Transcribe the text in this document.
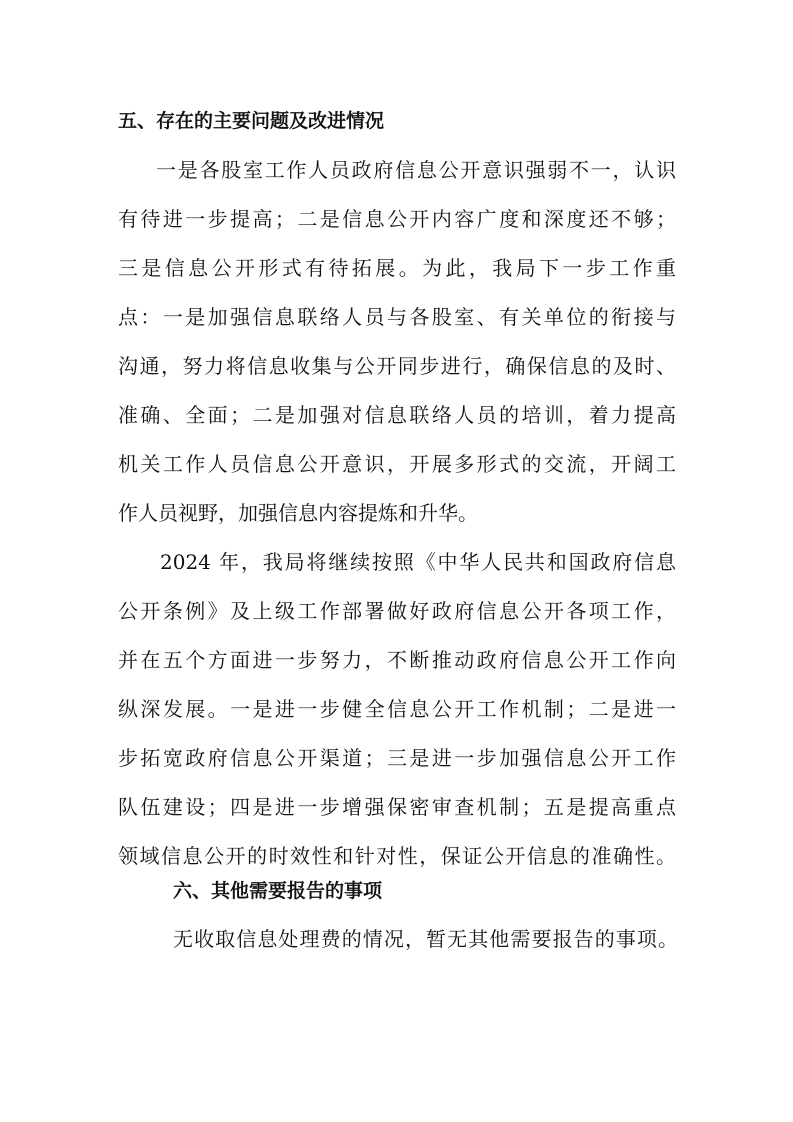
五、存在的主要问题及改进情况
一是各股室工作人员政府信息公开意识强弱不一，认识
有待进一步提高；二是信息公开内容广度和深度还不够；
三是信息公开形式有待拓展。为此，我局下一步工作重
点：一是加强信息联络人员与各股室、有关单位的衔接与
沟通，努力将信息收集与公开同步进行，确保信息的及时、
准确、全面；二是加强对信息联络人员的培训，着力提高
机关工作人员信息公开意识，开展多形式的交流，开阔工
作人员视野，加强信息内容提炼和升华。
2024 年，我局将继续按照《中华人民共和国政府信息
公开条例》及上级工作部署做好政府信息公开各项工作，
并在五个方面进一步努力，不断推动政府信息公开工作向
纵深发展。一是进一步健全信息公开工作机制；二是进一
步拓宽政府信息公开渠道；三是进一步加强信息公开工作
队伍建设；四是进一步增强保密审查机制；五是提高重点
领域信息公开的时效性和针对性，保证公开信息的准确性。
六、其他需要报告的事项
无收取信息处理费的情况，暂无其他需要报告的事项。
